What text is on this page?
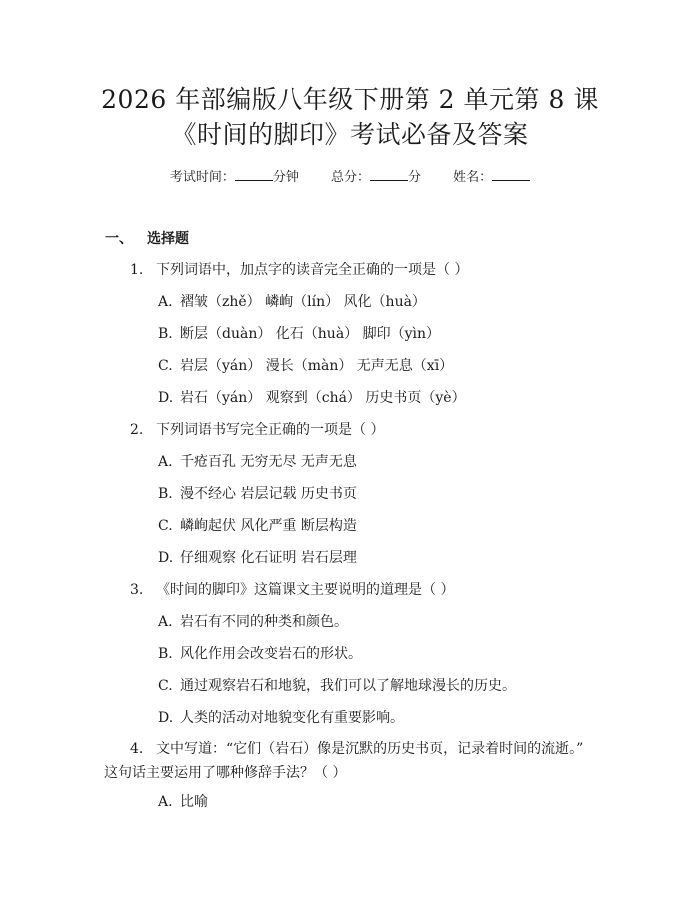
2026 年部编版八年级下册第 2 单元第 8 课
《时间的脚印》考试必备及答案
考试时间：	分钟 总分：	分 姓名：
一、 选择题
1. 下列词语中，加点字的读音完全正确的一项是（ ）
A. 褶皱（zhě） 嶙峋（lín） 风化（huà）
B. 断层（duàn） 化石（huà） 脚印（yìn）
C. 岩层（yán） 漫长（màn） 无声无息（xī）
D. 岩石（yán） 观察到（chá） 历史书页（yè）
2. 下列词语书写完全正确的一项是（ ）
A. 千疮百孔 无穷无尽 无声无息
B. 漫不经心 岩层记载 历史书页
C. 嶙峋起伏 风化严重 断层构造
D. 仔细观察 化石证明 岩石层理
3. 《时间的脚印》这篇课文主要说明的道理是（ ）
A. 岩石有不同的种类和颜色。
B. 风化作用会改变岩石的形状。
C. 通过观察岩石和地貌，我们可以了解地球漫长的历史。
D. 人类的活动对地貌变化有重要影响。
4. 文中写道：“它们（岩石）像是沉默的历史书页，记录着时间的流逝。”
这句话主要运用了哪种修辞手法？（ ）
A. 比喻
